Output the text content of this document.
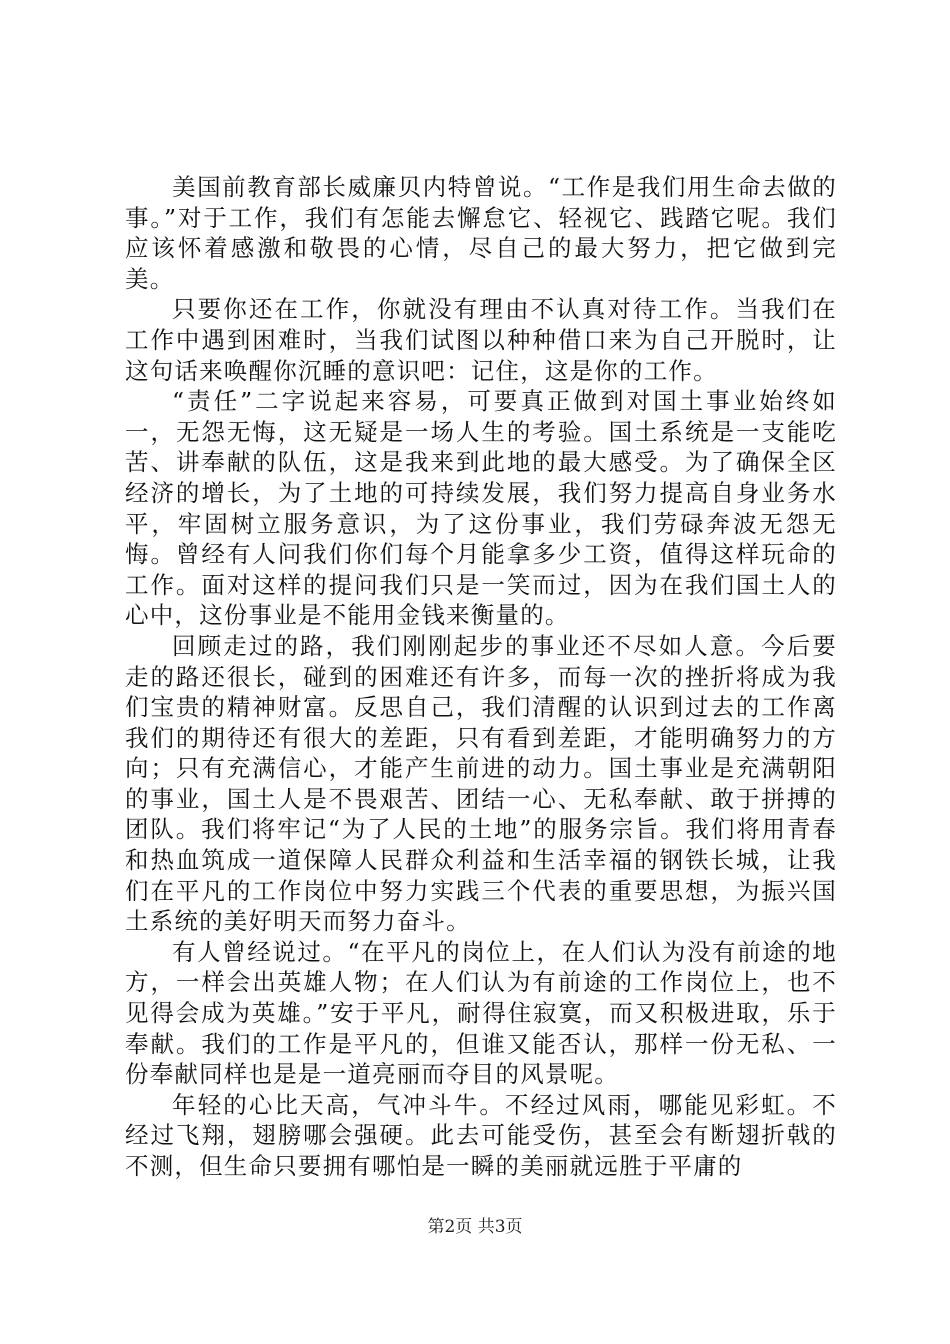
美国前教育部长威廉贝内特曾说。“工作是我们用生命去做的事。”对于工作，我们有怎能去懈怠它、轻视它、践踏它呢。我们应该怀着感激和敬畏的心情，尽自己的最大努力，把它做到完美。

只要你还在工作，你就没有理由不认真对待工作。当我们在工作中遇到困难时，当我们试图以种种借口来为自己开脱时，让这句话来唤醒你沉睡的意识吧：记住，这是你的工作。

“责任”二字说起来容易，可要真正做到对国土事业始终如一，无怨无悔，这无疑是一场人生的考验。国土系统是一支能吃苦、讲奉献的队伍，这是我来到此地的最大感受。为了确保全区经济的增长，为了土地的可持续发展，我们努力提高自身业务水平，牢固树立服务意识，为了这份事业，我们劳碌奔波无怨无悔。曾经有人问我们你们每个月能拿多少工资，值得这样玩命的工作。面对这样的提问我们只是一笑而过，因为在我们国土人的心中，这份事业是不能用金钱来衡量的。

回顾走过的路，我们刚刚起步的事业还不尽如人意。今后要走的路还很长，碰到的困难还有许多，而每一次的挫折将成为我们宝贵的精神财富。反思自己，我们清醒的认识到过去的工作离我们的期待还有很大的差距，只有看到差距，才能明确努力的方向；只有充满信心，才能产生前进的动力。国土事业是充满朝阳的事业，国土人是不畏艰苦、团结一心、无私奉献、敢于拼搏的团队。我们将牢记“为了人民的土地”的服务宗旨。我们将用青春和热血筑成一道保障人民群众利益和生活幸福的钢铁长城，让我们在平凡的工作岗位中努力实践三个代表的重要思想，为振兴国土系统的美好明天而努力奋斗。

有人曾经说过。“在平凡的岗位上，在人们认为没有前途的地方，一样会出英雄人物；在人们认为有前途的工作岗位上，也不见得会成为英雄。”安于平凡，耐得住寂寞，而又积极进取，乐于奉献。我们的工作是平凡的，但谁又能否认，那样一份无私、一份奉献同样也是是一道亮丽而夺目的风景呢。

年轻的心比天高，气冲斗牛。不经过风雨，哪能见彩虹。不经过飞翔，翅膀哪会强硬。此去可能受伤，甚至会有断翅折戟的不测，但生命只要拥有哪怕是一瞬的美丽就远胜于平庸的

第2页 共3页
